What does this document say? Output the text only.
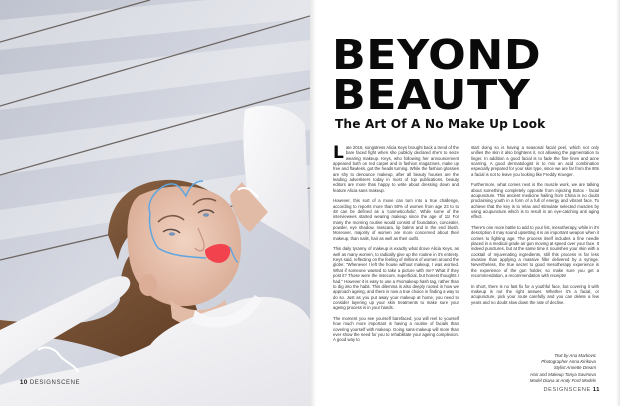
10 DESIGNSCENE
BEYOND
BEAUTY
The Art Of A No Make Up Look

Late 2016, songstress Alicia Keys brought back a trend of the bare faced fight when she publicly declared she's to seize wearing makeup. Keys, who following her announcement appeared both on red carpet and in fashion magazines, make up free and flawless, got the heads turning. While the fashion glossies are shy to denounce makeup, after all beauty houses are the leading advertisers today in most of top publications, beauty editors are more than happy to write about dressing down and feature Alicia sans makeup.

However, this sort of a move can turn into a true challenge, according to reports more than 50% of women from age 23 to to 48 can be defined as a 'cosmeticoholic'. While some of the interviewees started wearing makeup since the age of 11! For many the morning routine would consist of foundation, concealer, powder, eye shadow, mascara, lip balms and in the end blush. Moreover, majority of women are more concerned about their makeup, than nails, hair as well as their outfit.

This daily tyranny of makeup is exactly what drove Alicia Keys, as well as many women, to radically give up the routine in it's entirety. Keys said, reflecting on the feeling of millions of women around the globe: "Whenever I left the house without makeup, I was worried. What if someone wanted to take a picture with me? What if they post it? Those were the insecure, superficial, but honest thoughts I had." However it is easy to use a #nomakeup hash tag, rather than to dig into the habit. This dilemma is also deeply rooted in how we approach ageing, and there is now a true choice in finding a way to do so. Just as you put away your makeup at home, you need to consider layering up your skin treatments to make sure your ageing process is in your hands.

The moment you see yourself barefaced, you will reel to yourself how much more important is having a routine of facials than covering yourself with makeup. Going sans-makeup will more than ever show the need for you to rehabilitate your ageing complexion. A good way to

start doing so is having a seasonal facial peel, which not only unifies the skin it also brightens it, not allowing the pigmentation to linger. In addition a good facial is to fade the fine lines and acne scarring. A good dermatologist is to mix an acid combination especially prepared for your skin type, since we are far from the 80s a facial is not to leave you looking like Freddy Krueger.

Furthermore, what comes next is the muscle work, we are talking about something completely opposite from injecting Botox - facial acupuncture. This ancient medicine hailing from China is no doubt proclaiming youth in a form of a full of energy and vibrant face. To achieve that the key is to relax and stimulate selected muscles by using acupuncture which is to result in an eye-catching anti aging effect.

There's one more battle to add to your list, mesotherapy, while in it's description it may sound upsetting it is an important weapon when it comes to fighting age. The process itself includes a fine needle placed in a medical grade air gun moving at speed over your face. It indeed punctures, but at the same time it nourishes your skin with a cocktail of rejuvenating ingredients, still this process is far less invasive than applying a massive filler delivered by a syringe. Nevertheless, the true secret to good mesotherapy experience is the experience of the gun holder, so make sure you get a recommendation, a recommendation with receipts!

In short, there is no fast fix for a youthful face, but covering it with makeup is not the right answer. Whether it's a facial, or acupuncture, pick your route carefully and you can delete a few years and no doubt slow down the rate of decline.

Text by Ana Markovic
Photographer Anna Kirikova
Stylist Annette Dream
Hair and Makeup Tanya Savinova
Model Diana at Andy Ford Models
DESIGNSCENE 11
